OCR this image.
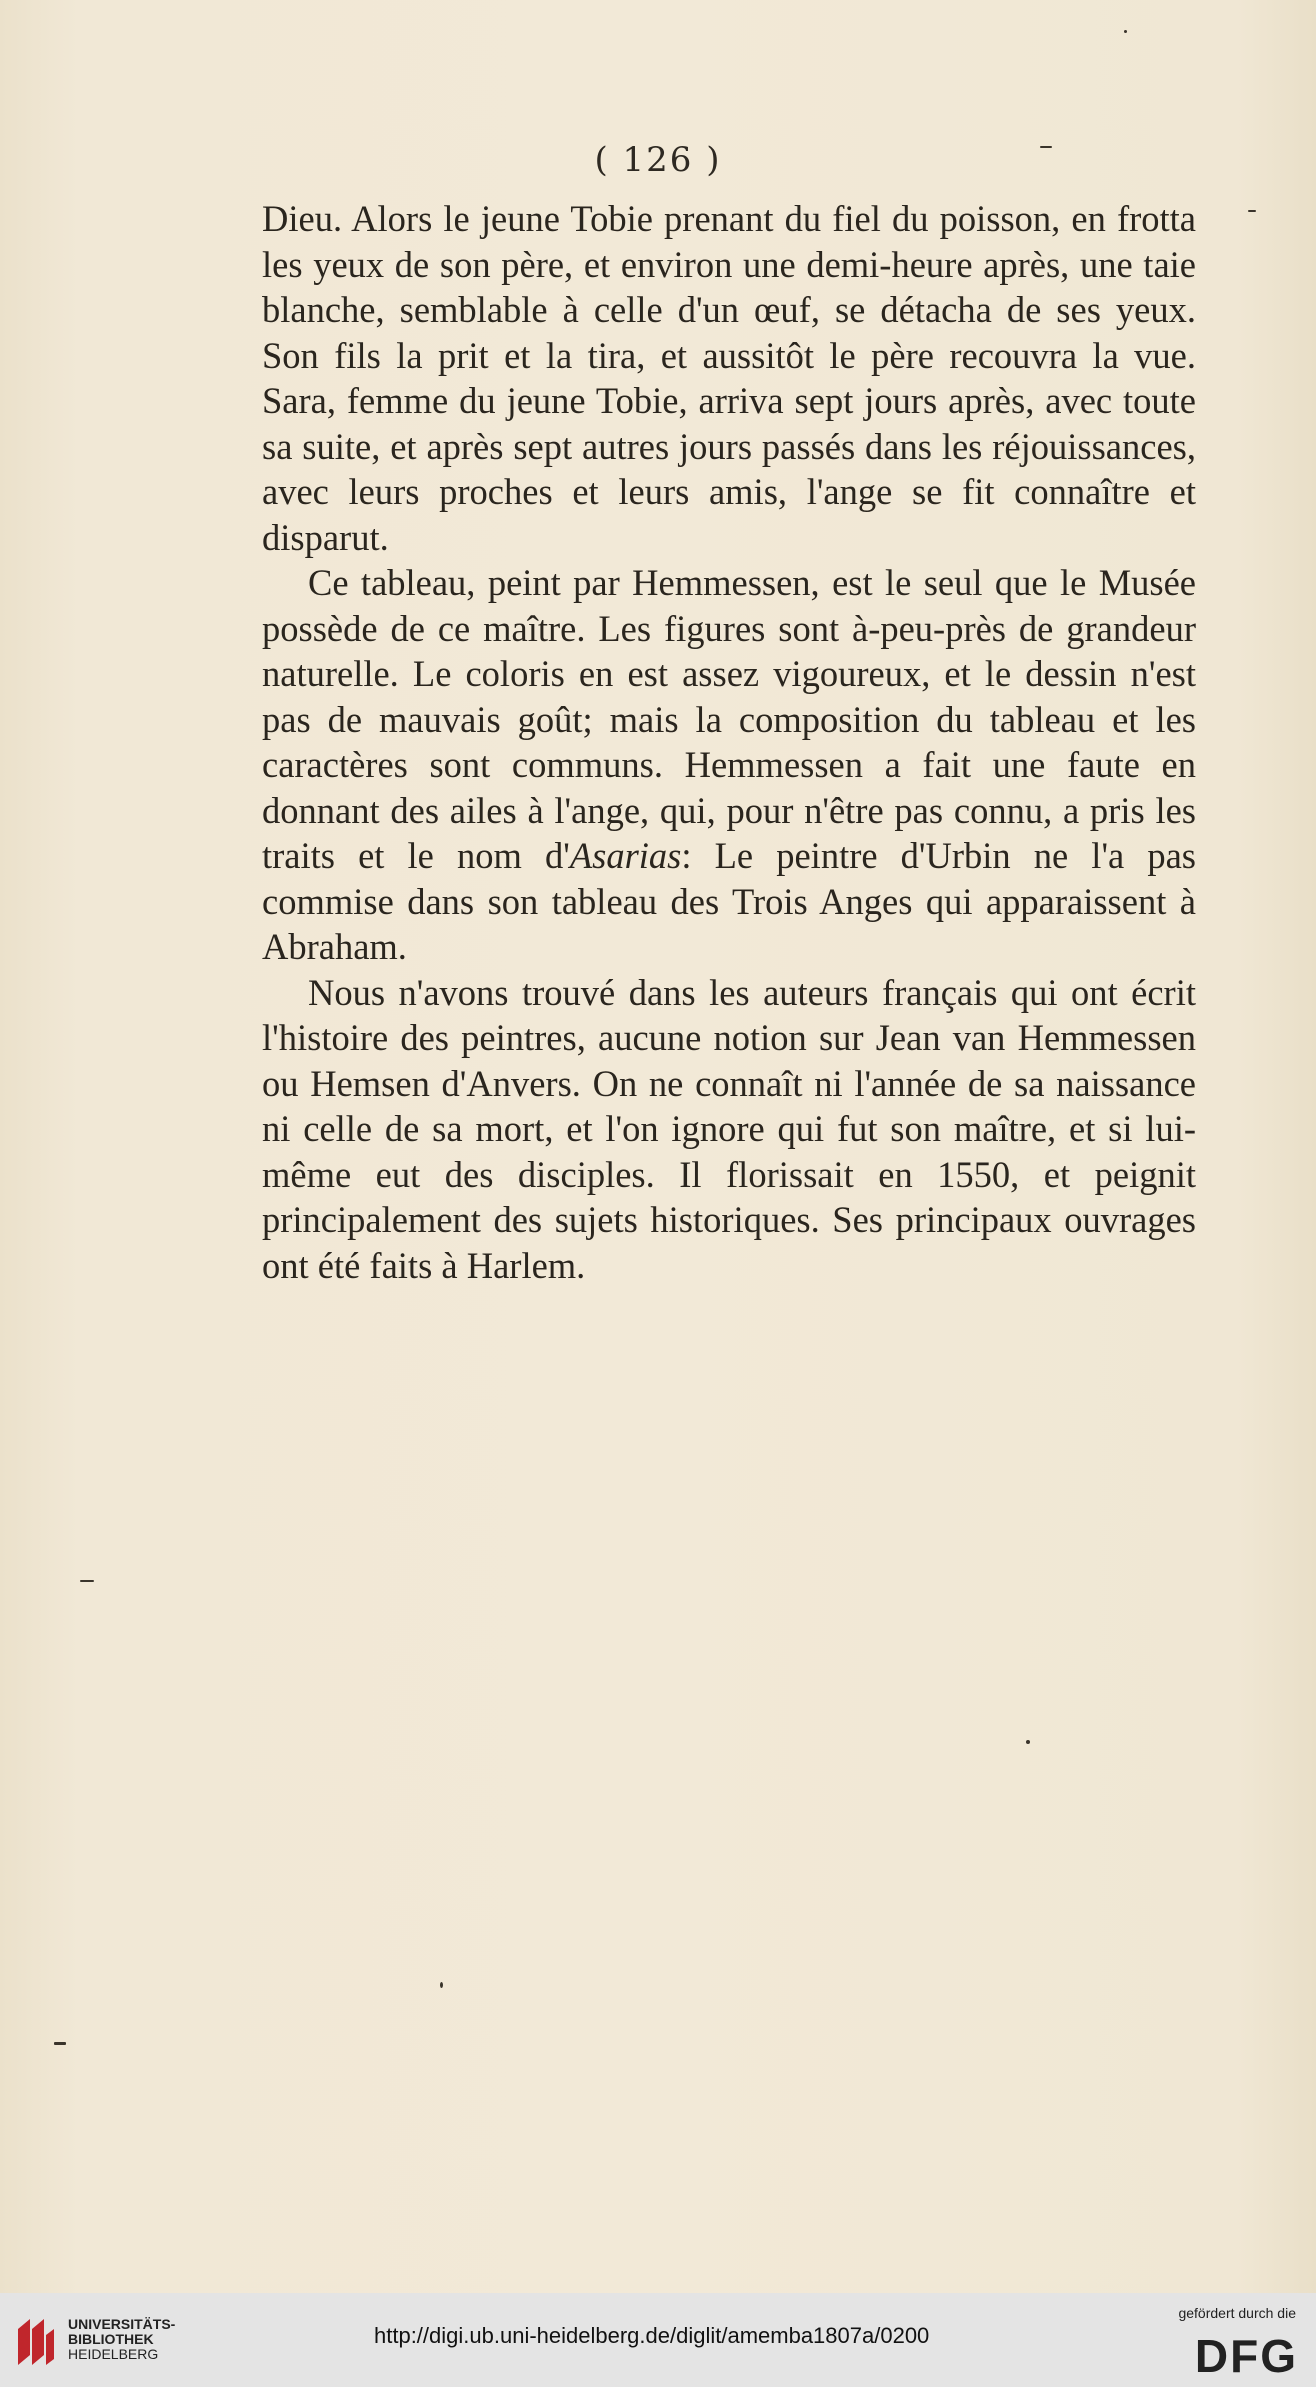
( 126 )

Dieu. Alors le jeune Tobie prenant du fiel du poisson, en frotta les yeux de son père, et environ une demi-heure après, une taie blanche, semblable à celle d'un œuf, se détacha de ses yeux. Son fils la prit et la tira, et aussitôt le père recouvra la vue. Sara, femme du jeune Tobie, arriva sept jours après, avec toute sa suite, et après sept autres jours passés dans les réjouissances, avec leurs proches et leurs amis, l'ange se fit connaître et disparut.

Ce tableau, peint par Hemmessen, est le seul que le Musée possède de ce maître. Les figures sont à-peu-près de grandeur naturelle. Le coloris en est assez vigoureux, et le dessin n'est pas de mauvais goût; mais la composition du tableau et les caractères sont communs. Hemmessen a fait une faute en donnant des ailes à l'ange, qui, pour n'être pas connu, a pris les traits et le nom d'Asarias: Le peintre d'Urbin ne l'a pas commise dans son tableau des Trois Anges qui apparaissent à Abraham.

Nous n'avons trouvé dans les auteurs français qui ont écrit l'histoire des peintres, aucune notion sur Jean van Hemmessen ou Hemsen d'Anvers. On ne connaît ni l'année de sa naissance ni celle de sa mort, et l'on ignore qui fut son maître, et si lui-même eut des disciples. Il florissait en 1550, et peignit principalement des sujets historiques. Ses principaux ouvrages ont été faits à Harlem.

UNIVERSITÄTS-
BIBLIOTHEK
HEIDELBERG
http://digi.ub.uni-heidelberg.de/diglit/amemba1807a/0200
gefördert durch die
DFG
